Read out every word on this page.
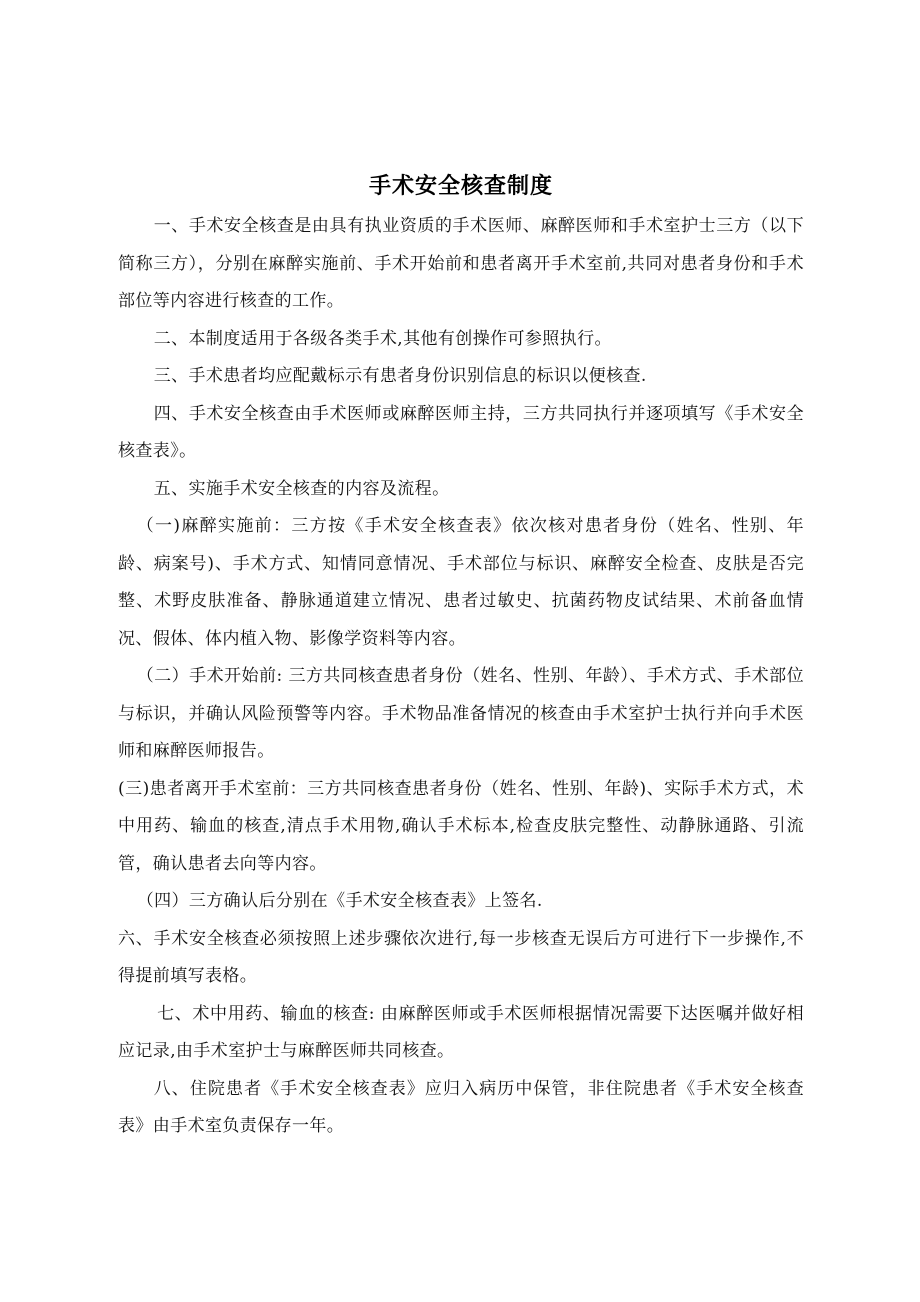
手术安全核查制度

一、手术安全核查是由具有执业资质的手术医师、麻醉医师和手术室护士三方（以下简称三方），分别在麻醉实施前、手术开始前和患者离开手术室前,共同对患者身份和手术部位等内容进行核查的工作。

二、本制度适用于各级各类手术,其他有创操作可参照执行。

三、手术患者均应配戴标示有患者身份识别信息的标识以便核查.

四、手术安全核查由手术医师或麻醉医师主持，三方共同执行并逐项填写《手术安全核查表》。

五、实施手术安全核查的内容及流程。

（一)麻醉实施前：三方按《手术安全核查表》依次核对患者身份（姓名、性别、年龄、病案号)、手术方式、知情同意情况、手术部位与标识、麻醉安全检查、皮肤是否完整、术野皮肤准备、静脉通道建立情况、患者过敏史、抗菌药物皮试结果、术前备血情况、假体、体内植入物、影像学资料等内容。

（二）手术开始前: 三方共同核查患者身份（姓名、性别、年龄）、手术方式、手术部位与标识，并确认风险预警等内容。手术物品准备情况的核查由手术室护士执行并向手术医师和麻醉医师报告。

(三)患者离开手术室前：三方共同核查患者身份（姓名、性别、年龄)、实际手术方式，术中用药、输血的核查,清点手术用物,确认手术标本,检查皮肤完整性、动静脉通路、引流管，确认患者去向等内容。

（四）三方确认后分别在《手术安全核查表》上签名.

六、手术安全核查必须按照上述步骤依次进行,每一步核查无误后方可进行下一步操作,不得提前填写表格。

七、术中用药、输血的核查: 由麻醉医师或手术医师根据情况需要下达医嘱并做好相应记录,由手术室护士与麻醉医师共同核查。

八、住院患者《手术安全核查表》应归入病历中保管，非住院患者《手术安全核查表》由手术室负责保存一年。
